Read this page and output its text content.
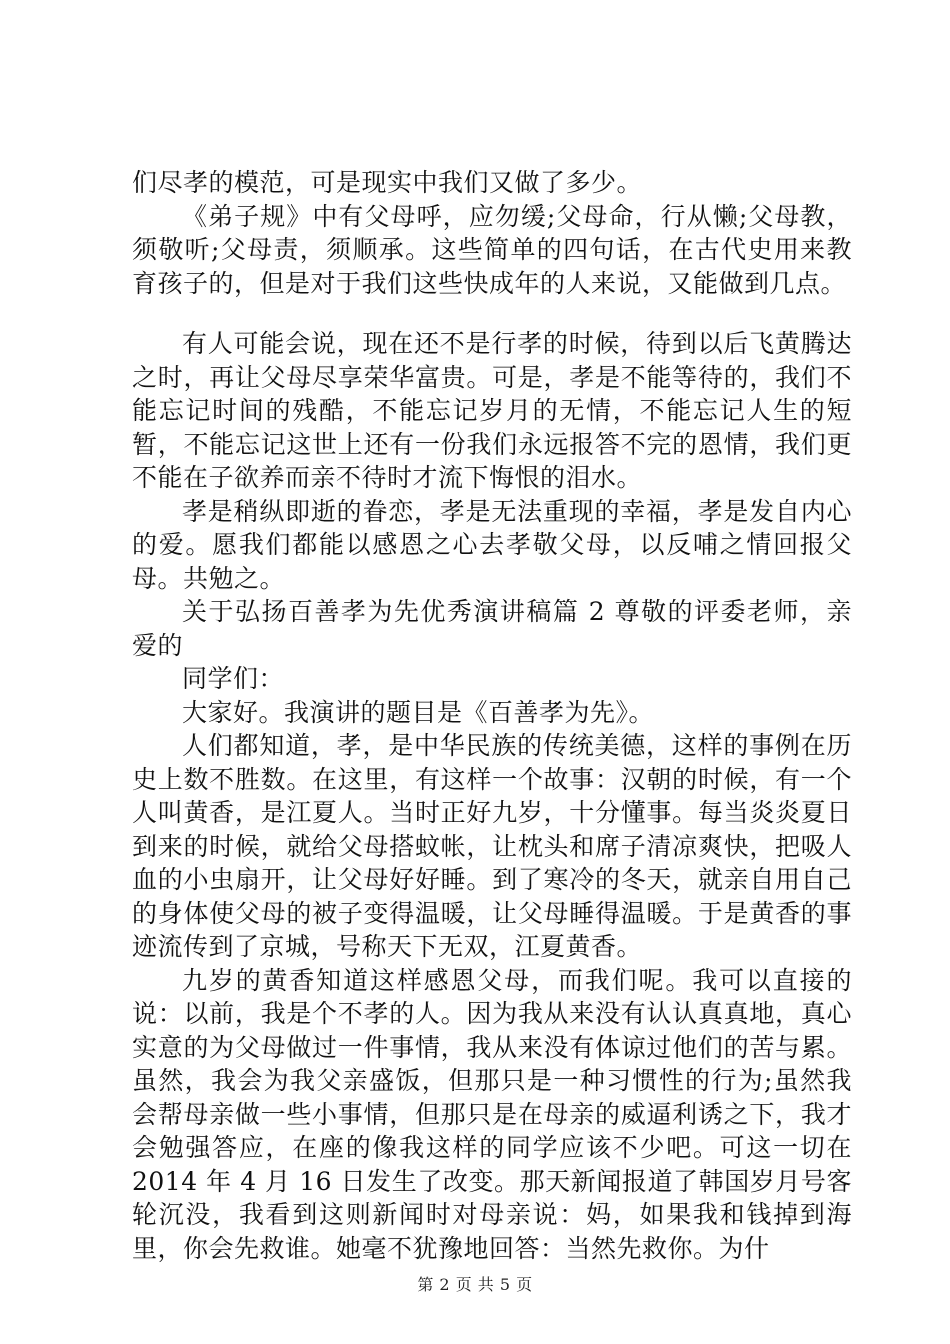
们尽孝的模范，可是现实中我们又做了多少。

《弟子规》中有父母呼，应勿缓;父母命，行从懒;父母教，须敬听;父母责，须顺承。这些简单的四句话，在古代史用来教育孩子的，但是对于我们这些快成年的人来说，又能做到几点。

有人可能会说，现在还不是行孝的时候，待到以后飞黄腾达之时，再让父母尽享荣华富贵。可是，孝是不能等待的，我们不能忘记时间的残酷，不能忘记岁月的无情，不能忘记人生的短暂，不能忘记这世上还有一份我们永远报答不完的恩情，我们更不能在子欲养而亲不待时才流下悔恨的泪水。

孝是稍纵即逝的眷恋，孝是无法重现的幸福，孝是发自内心的爱。愿我们都能以感恩之心去孝敬父母，以反哺之情回报父母。共勉之。

关于弘扬百善孝为先优秀演讲稿篇 2 尊敬的评委老师，亲爱的

同学们：

大家好。我演讲的题目是《百善孝为先》。

人们都知道，孝，是中华民族的传统美德，这样的事例在历史上数不胜数。在这里，有这样一个故事：汉朝的时候，有一个人叫黄香，是江夏人。当时正好九岁，十分懂事。每当炎炎夏日到来的时候，就给父母搭蚊帐，让枕头和席子清凉爽快，把吸人血的小虫扇开，让父母好好睡。到了寒冷的冬天，就亲自用自己的身体使父母的被子变得温暖，让父母睡得温暖。于是黄香的事迹流传到了京城，号称天下无双，江夏黄香。

九岁的黄香知道这样感恩父母，而我们呢。我可以直接的说：以前，我是个不孝的人。因为我从来没有认认真真地，真心实意的为父母做过一件事情，我从来没有体谅过他们的苦与累。虽然，我会为我父亲盛饭，但那只是一种习惯性的行为;虽然我会帮母亲做一些小事情，但那只是在母亲的威逼利诱之下，我才会勉强答应，在座的像我这样的同学应该不少吧。可这一切在 2014 年 4 月 16 日发生了改变。那天新闻报道了韩国岁月号客轮沉没，我看到这则新闻时对母亲说：妈，如果我和钱掉到海里，你会先救谁。她毫不犹豫地回答：当然先救你。为什

第 2 页 共 5 页
